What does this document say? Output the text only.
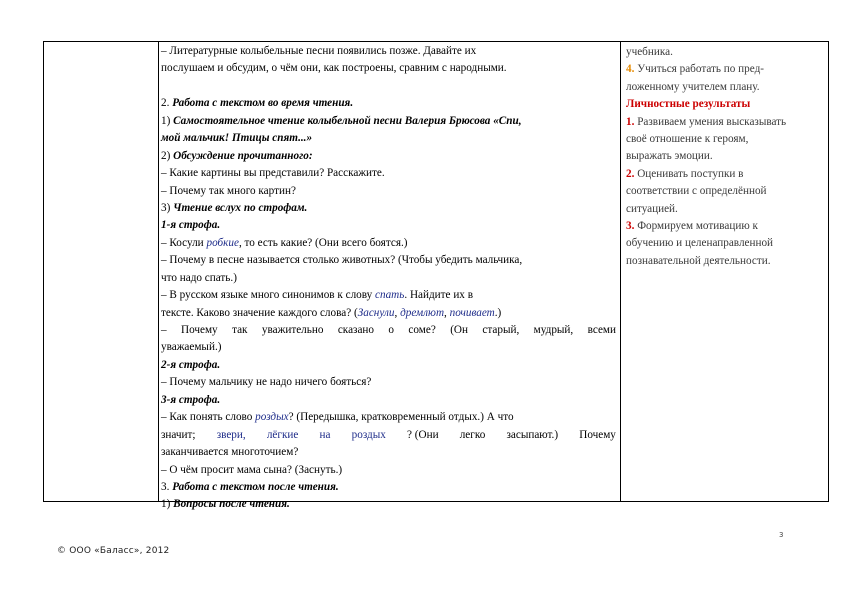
– Литературные колыбельные песни появились позже. Давайте их
послушаем и обсудим, о чём они, как построены, сравним с народными.
2. Работа с текстом во время чтения.
1) Самостоятельное чтение колыбельной песни Валерия Брюсова «Спи,
мой мальчик! Птицы спят...»
2) Обсуждение прочитанного:
– Какие картины вы представили? Расскажите.
– Почему так много картин?
3) Чтение вслух по строфам.
1-я строфа.
– Косули робкие, то есть какие? (Они всего боятся.)
– Почему в песне называется столько животных? (Чтобы убедить мальчика,
что надо спать.)
– В русском языке много синонимов к слову спать. Найдите их в
тексте. Каково значение каждого слова? (Заснули, дремлют, почивает.)
– Почему так уважительно сказано о соме? (Он старый, мудрый, всеми
уважаемый.)
2-я строфа.
– Почему мальчику не надо ничего бояться?
3-я строфа.
– Как понять слово роздых? (Передышка, кратковременный отдых.) А что
значит; звери, лёгкие на роздых ? (Они легко засыпают.) Почему
заканчивается многоточием?
– О чём просит мама сына? (Заснуть.)
3. Работа с текстом после чтения.
1) Вопросы после чтения.
учебника.
4. Учиться работать по пред-
ложенному учителем плану.
Личностные результаты
1. Развиваем умения высказывать
своё отношение к героям,
выражать эмоции.
2. Оценивать поступки в
соответствии с определённой
ситуацией.
3. Формируем мотивацию к
обучению и целенаправленной
познавательной деятельности.
3
© ООО «Баласс», 2012
